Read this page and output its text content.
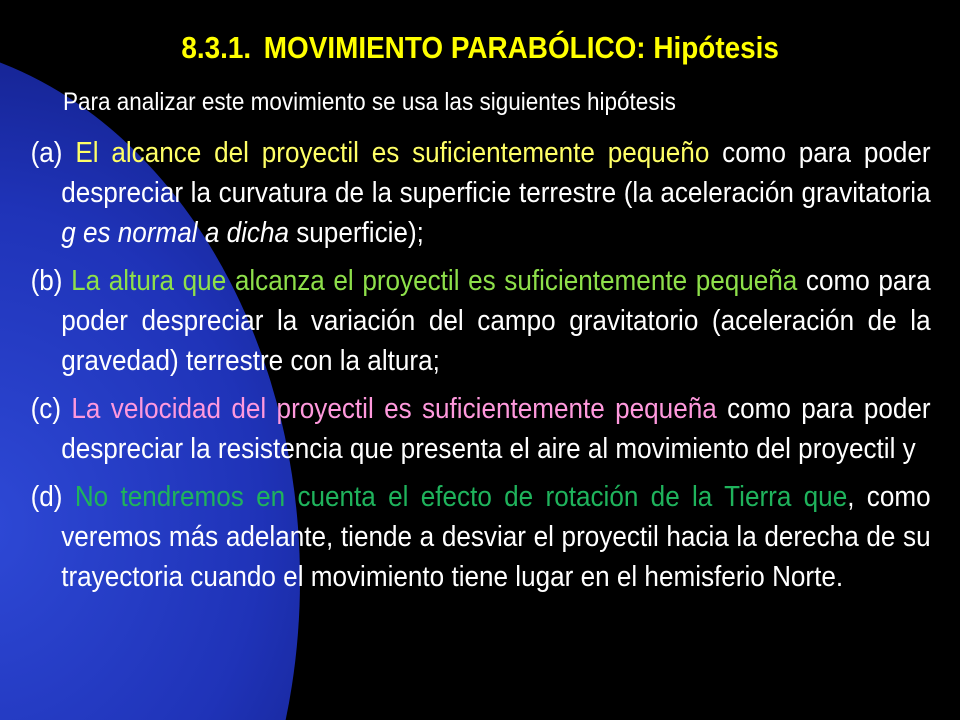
8.3.1. MOVIMIENTO PARABÓLICO: Hipótesis
Para analizar este movimiento se usa las siguientes hipótesis
(a) El alcance del proyectil es suficientemente pequeño como para poder despreciar la curvatura de la superficie terrestre (la aceleración gravitatoria g es normal a dicha superficie);
(b) La altura que alcanza el proyectil es suficientemente pequeña como para poder despreciar la variación del campo gravitatorio (aceleración de la gravedad) terrestre con la altura;
(c) La velocidad del proyectil es suficientemente pequeña como para poder despreciar la resistencia que presenta el aire al movimiento del proyectil y
(d) No tendremos en cuenta el efecto de rotación de la Tierra que, como veremos más adelante, tiende a desviar el proyectil hacia la derecha de su trayectoria cuando el movimiento tiene lugar en el hemisferio Norte.
